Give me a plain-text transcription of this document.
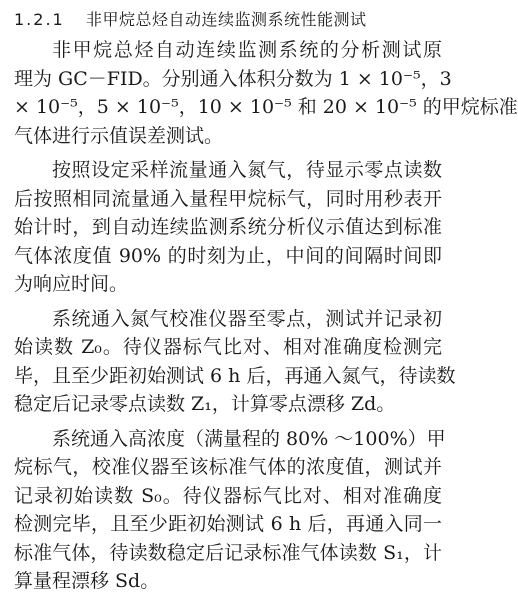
1.2.1 非甲烷总烃自动连续监测系统性能测试
非甲烷总烃自动连续监测系统的分析测试原
理为 GC－FID。分别通入体积分数为 1 × 10⁻⁵，3
× 10⁻⁵，5 × 10⁻⁵，10 × 10⁻⁵ 和 20 × 10⁻⁵ 的甲烷标准
气体进行示值误差测试。
按照设定采样流量通入氮气，待显示零点读数
后按照相同流量通入量程甲烷标气，同时用秒表开
始计时，到自动连续监测系统分析仪示值达到标准
气体浓度值 90% 的时刻为止，中间的间隔时间即
为响应时间。
系统通入氮气校准仪器至零点，测试并记录初
始读数 Z₀。待仪器标气比对、相对准确度检测完
毕，且至少距初始测试 6 h 后，再通入氮气，待读数
稳定后记录零点读数 Z₁，计算零点漂移 Zd。
系统通入高浓度（满量程的 80% ～100%）甲
烷标气，校准仪器至该标准气体的浓度值，测试并
记录初始读数 S₀。待仪器标气比对、相对准确度
检测完毕，且至少距初始测试 6 h 后，再通入同一
标准气体，待读数稳定后记录标准气体读数 S₁，计
算量程漂移 Sd。
